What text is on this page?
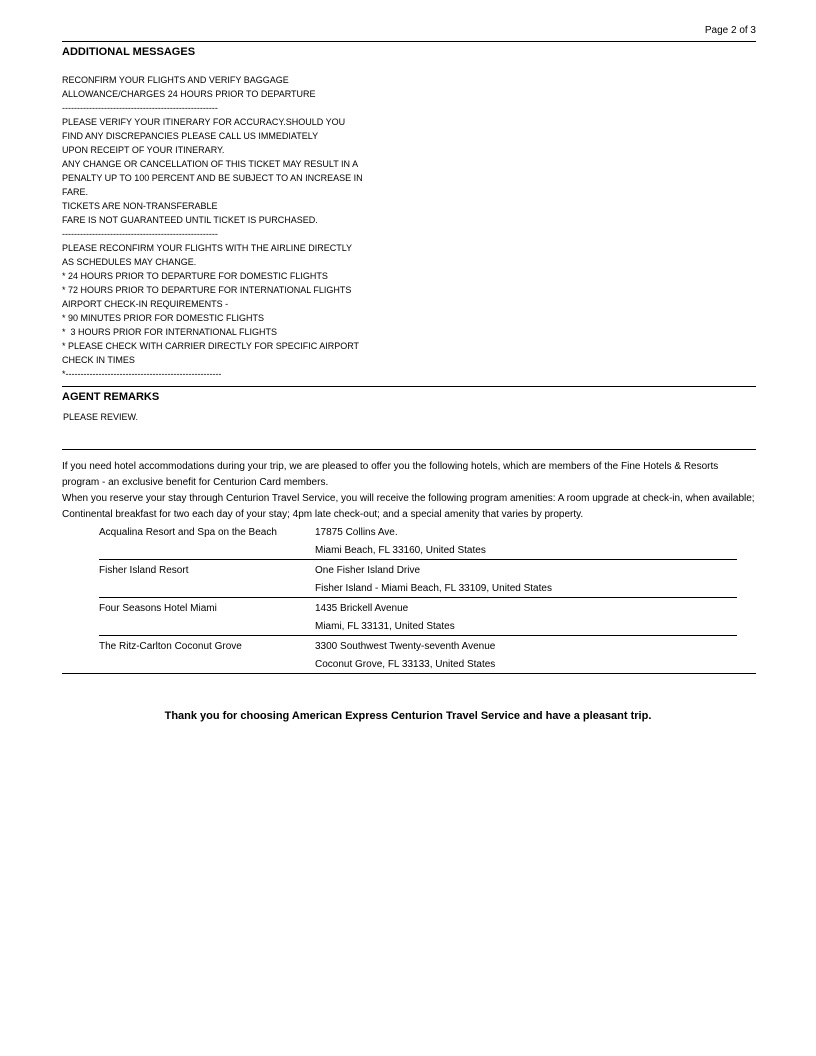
Page 2 of 3
ADDITIONAL MESSAGES
RECONFIRM YOUR FLIGHTS AND VERIFY BAGGAGE
ALLOWANCE/CHARGES 24 HOURS PRIOR TO DEPARTURE
----------------------------------------------------
PLEASE VERIFY YOUR ITINERARY FOR ACCURACY.SHOULD YOU
FIND ANY DISCREPANCIES PLEASE CALL US IMMEDIATELY
UPON RECEIPT OF YOUR ITINERARY.
ANY CHANGE OR CANCELLATION OF THIS TICKET MAY RESULT IN A
PENALTY UP TO 100 PERCENT AND BE SUBJECT TO AN INCREASE IN
FARE.
TICKETS ARE NON-TRANSFERABLE
FARE IS NOT GUARANTEED UNTIL TICKET IS PURCHASED.
----------------------------------------------------
PLEASE RECONFIRM YOUR FLIGHTS WITH THE AIRLINE DIRECTLY
AS SCHEDULES MAY CHANGE.
* 24 HOURS PRIOR TO DEPARTURE FOR DOMESTIC FLIGHTS
* 72 HOURS PRIOR TO DEPARTURE FOR INTERNATIONAL FLIGHTS
AIRPORT CHECK-IN REQUIREMENTS -
* 90 MINUTES PRIOR FOR DOMESTIC FLIGHTS
*  3 HOURS PRIOR FOR INTERNATIONAL FLIGHTS
* PLEASE CHECK WITH CARRIER DIRECTLY FOR SPECIFIC AIRPORT
CHECK IN TIMES
*----------------------------------------------------
AGENT REMARKS
PLEASE REVIEW.
If you need hotel accommodations during your trip, we are pleased to offer you the following hotels, which are members of the Fine Hotels & Resorts program - an exclusive benefit for Centurion Card members.
When you reserve your stay through Centurion Travel Service, you will receive the following program amenities: A room upgrade at check-in, when available; Continental breakfast for two each day of your stay; 4pm late check-out; and a special amenity that varies by property.
Acqualina Resort and Spa on the Beach	17875 Collins Ave.
Miami Beach, FL 33160, United States
Fisher Island Resort	One Fisher Island Drive
Fisher Island - Miami Beach, FL 33109, United States
Four Seasons Hotel Miami	1435 Brickell Avenue
Miami, FL 33131, United States
The Ritz-Carlton Coconut Grove	3300 Southwest Twenty-seventh Avenue
Coconut Grove, FL 33133, United States
Thank you for choosing American Express Centurion Travel Service and have a pleasant trip.
